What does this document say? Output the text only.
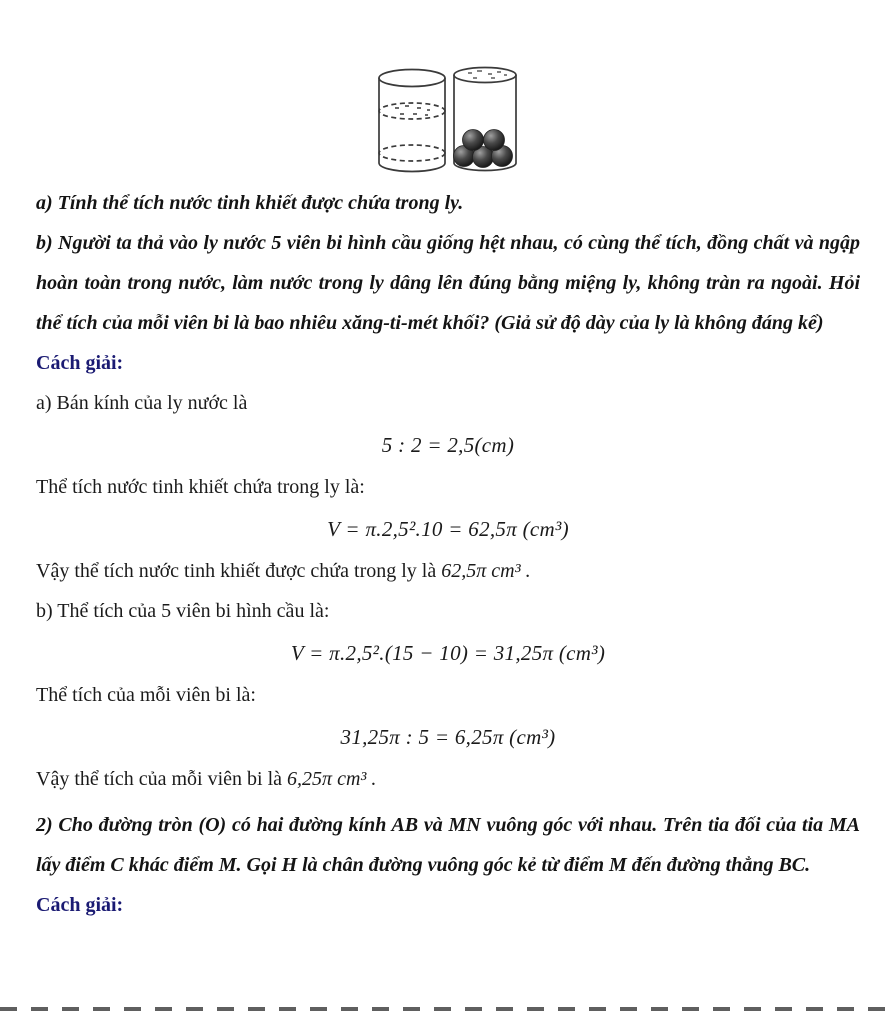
a) Tính thể tích nước tinh khiết được chứa trong ly.

b) Người ta thả vào ly nước 5 viên bi hình cầu giống hệt nhau, có cùng thể tích, đồng chất và ngập hoàn toàn trong nước, làm nước trong ly dâng lên đúng bằng miệng ly, không tràn ra ngoài. Hỏi thể tích của mỗi viên bi là bao nhiêu xăng-ti-mét khối? (Giả sử độ dày của ly là không đáng kể)

Cách giải:

a) Bán kính của ly nước là

5 : 2 = 2,5(cm)

Thể tích nước tinh khiết chứa trong ly là:

V = π.2,5².10 = 62,5π (cm³)

Vậy thể tích nước tinh khiết được chứa trong ly là 62,5π cm³ .

b) Thể tích của 5 viên bi hình cầu là:

V = π.2,5².(15 − 10) = 31,25π (cm³)

Thể tích của mỗi viên bi là:

31,25π : 5 = 6,25π (cm³)

Vậy thể tích của mỗi viên bi là 6,25π cm³ .

2) Cho đường tròn (O) có hai đường kính AB và MN vuông góc với nhau. Trên tia đối của tia MA lấy điểm C khác điểm M. Gọi H là chân đường vuông góc kẻ từ điểm M đến đường thẳng BC.

Cách giải:
